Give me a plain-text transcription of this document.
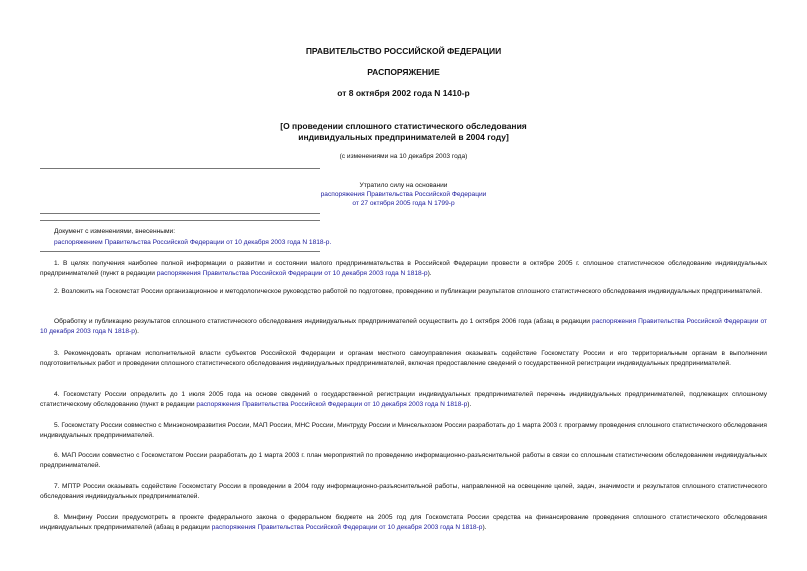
ПРАВИТЕЛЬСТВО РОССИЙСКОЙ ФЕДЕРАЦИИ
РАСПОРЯЖЕНИЕ
от 8 октября 2002 года N 1410-р
[О проведении сплошного статистического обследования
индивидуальных предпринимателей в 2004 году]
(с изменениями на 10 декабря 2003 года)
Утратило силу на основании
распоряжения Правительства Российской Федерации
от 27 октября 2005 года N 1799-р
Документ с изменениями, внесенными:
распоряжением Правительства Российской Федерации от 10 декабря 2003 года N 1818-р.
1. В целях получения наиболее полной информации о развитии и состоянии малого предпринимательства в Российской Федерации провести в октябре 2005 г. сплошное статистическое обследование индивидуальных предпринимателей (пункт в редакции распоряжения Правительства Российской Федерации от 10 декабря 2003 года N 1818-р).
2. Возложить на Госкомстат России организационное и методологическое руководство работой по подготовке, проведению и публикации результатов сплошного статистического обследования индивидуальных предпринимателей.
Обработку и публикацию результатов сплошного статистического обследования индивидуальных предпринимателей осуществить до 1 октября 2006 года (абзац в редакции распоряжения Правительства Российской Федерации от 10 декабря 2003 года N 1818-р).
3. Рекомендовать органам исполнительной власти субъектов Российской Федерации и органам местного самоуправления оказывать содействие Госкомстату России и его территориальным органам в выполнении подготовительных работ и проведении сплошного статистического обследования индивидуальных предпринимателей, включая предоставление сведений о государственной регистрации индивидуальных предпринимателей.
4. Госкомстату России определить до 1 июля 2005 года на основе сведений о государственной регистрации индивидуальных предпринимателей перечень индивидуальных предпринимателей, подлежащих сплошному статистическому обследованию (пункт в редакции распоряжения Правительства Российской Федерации от 10 декабря 2003 года N 1818-р).
5. Госкомстату России совместно с Минэкономразвития России, МАП России, МНС России, Минтруду России и Минсельхозом России разработать до 1 марта 2003 г. программу проведения сплошного статистического обследования индивидуальных предпринимателей.
6. МАП России совместно с Госкомстатом России разработать до 1 марта 2003 г. план мероприятий по проведению информационно-разъяснительной работы в связи со сплошным статистическим обследованием индивидуальных предпринимателей.
7. МПТР России оказывать содействие Госкомстату России в проведении в 2004 году информационно-разъяснительной работы, направленной на освещение целей, задач, значимости и результатов сплошного статистического обследования индивидуальных предпринимателей.
8. Минфину России предусмотреть в проекте федерального закона о федеральном бюджете на 2005 год для Госкомстата России средства на финансирование проведения сплошного статистического обследования индивидуальных предпринимателей (абзац в редакции распоряжения Правительства Российской Федерации от 10 декабря 2003 года N 1818-р).
